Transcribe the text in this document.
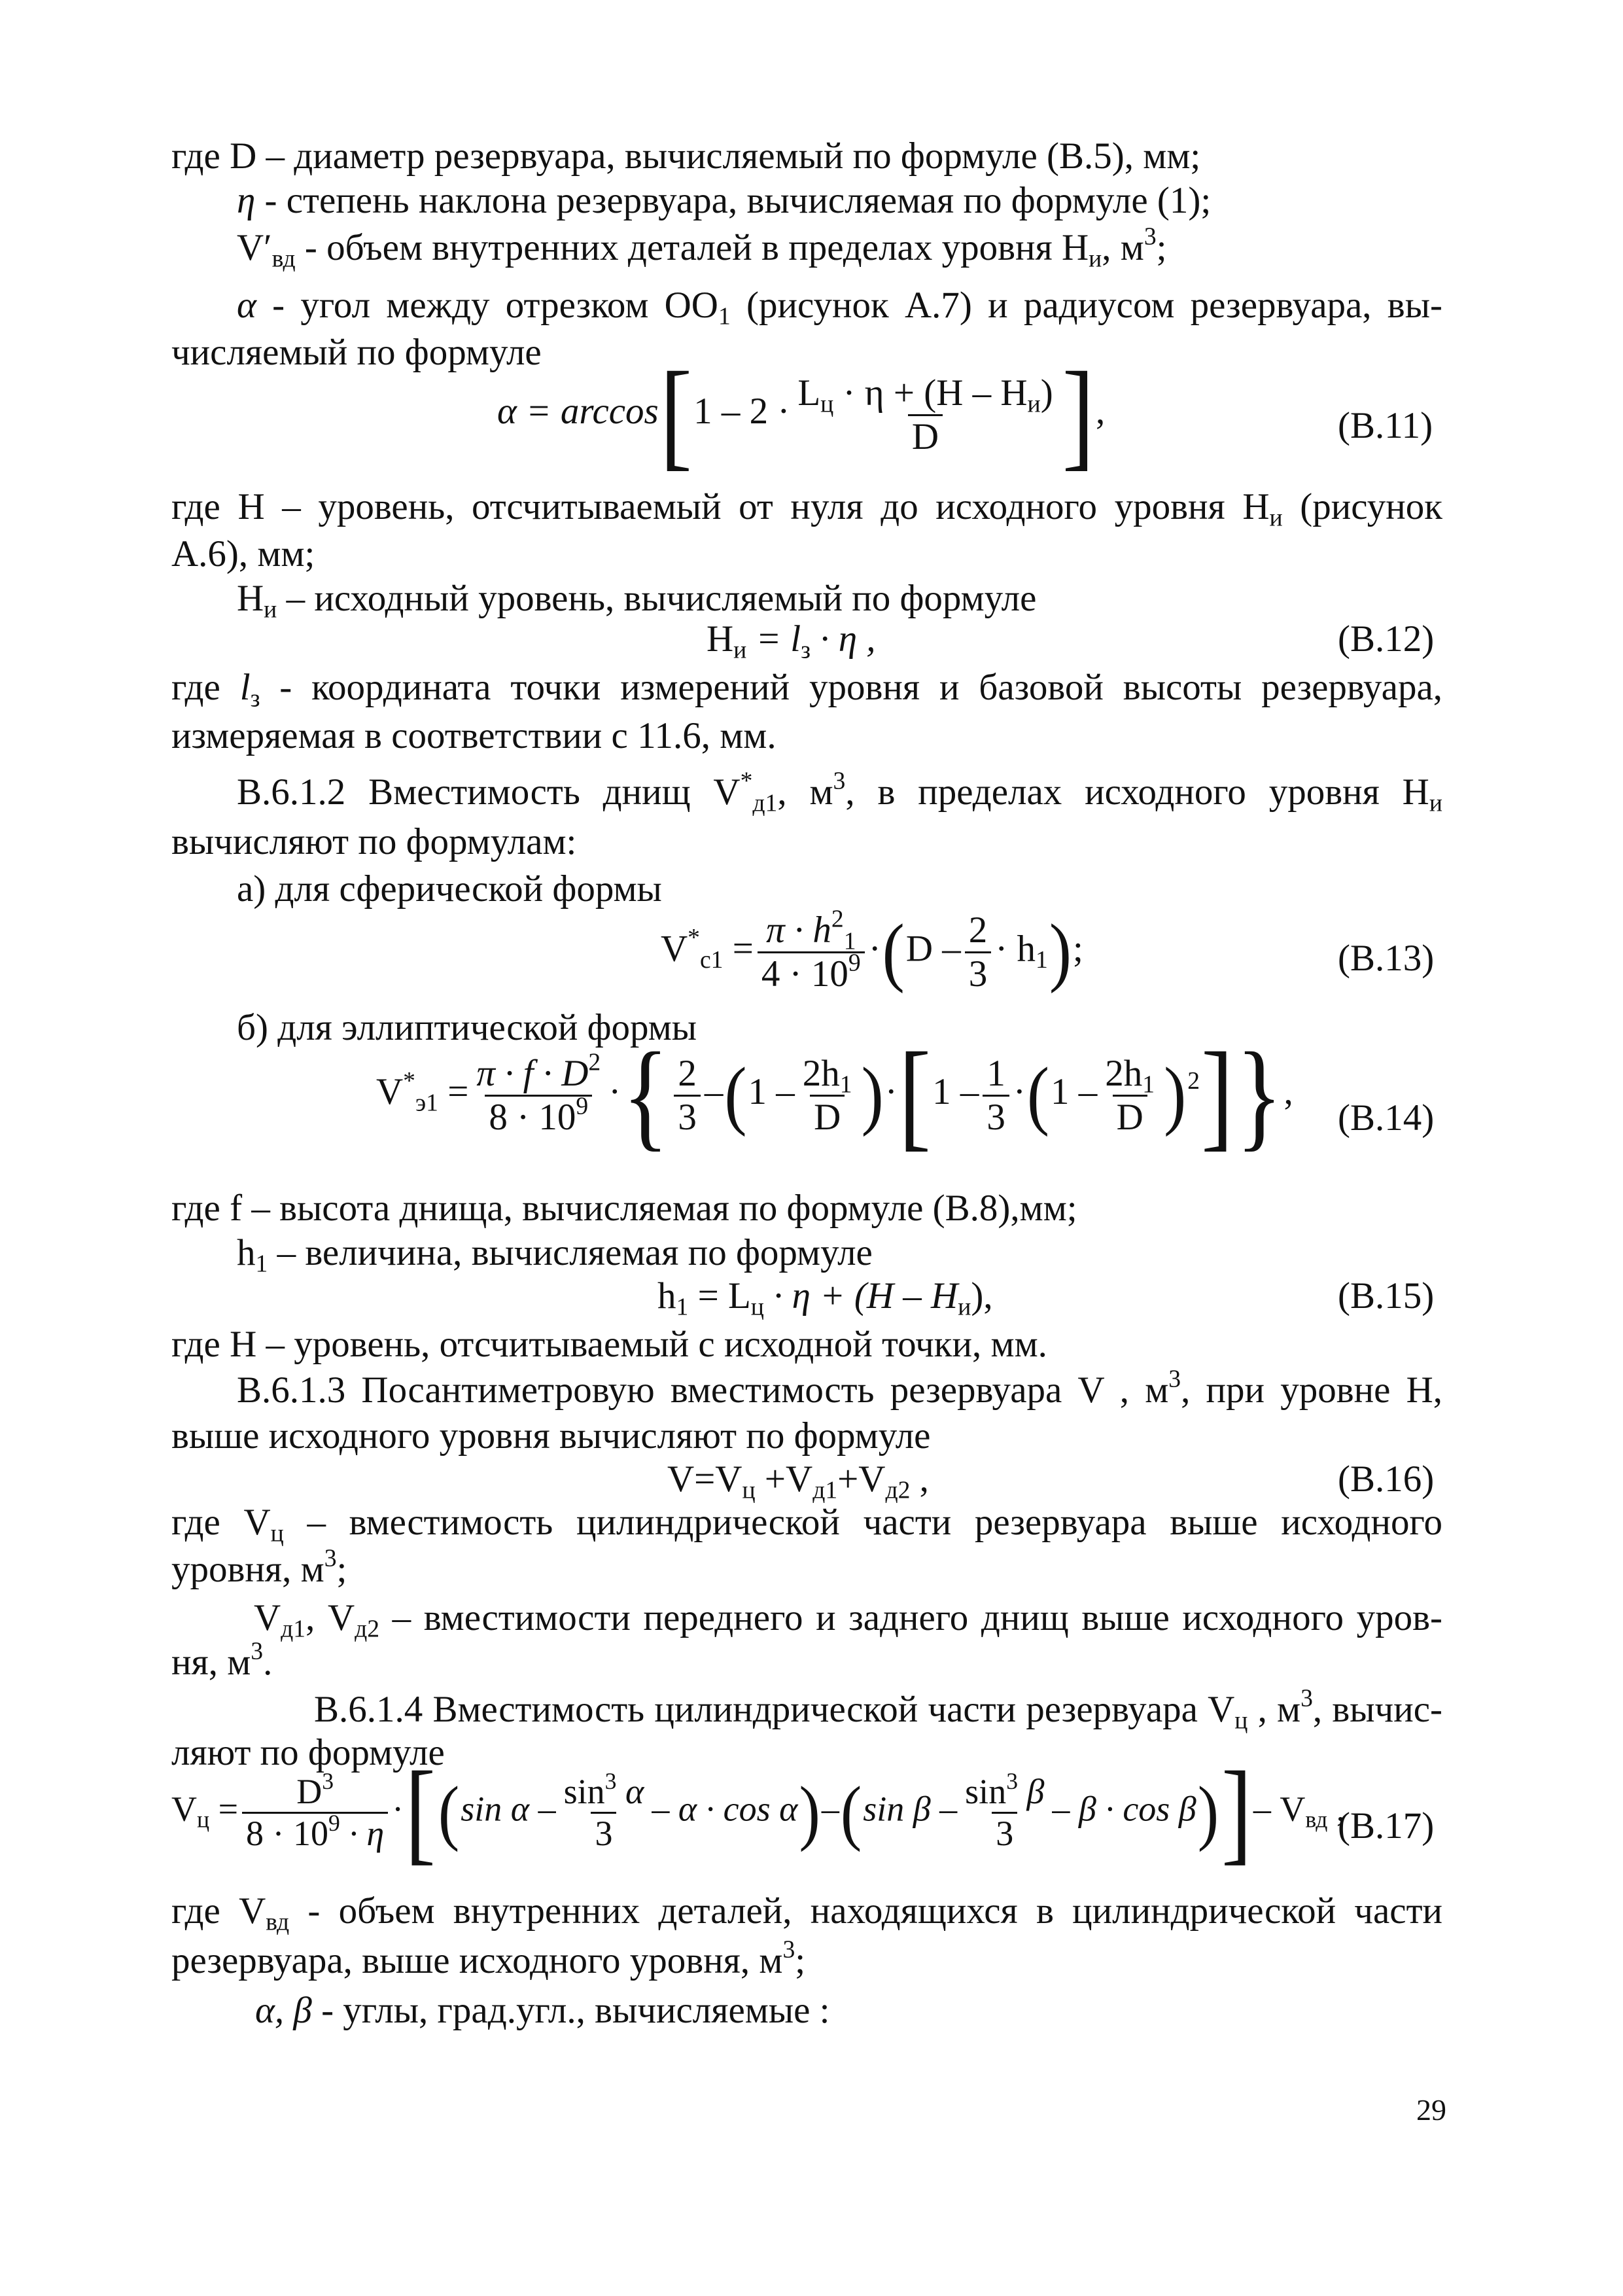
где D – диаметр резервуара, вычисляемый по формуле (В.5), мм;
η - степень наклона резервуара, вычисляемая по формуле (1);
$V'_{вд}$ - объем внутренних деталей в пределах уровня $Н_и$, $м^3$;
α - угол между отрезком $ОО_1$ (рисунок А.7) и радиусом резервуара, вы-
числяемый по формуле
$\alpha = \arccos[1 - 2 \cdot \frac{L_ц \cdot \eta + (H - H_и)}{D}$ ],	(В.11)
где Н – уровень, отсчитываемый от нуля до исходного уровня $Н_и$ (рисунок
А.6), мм;
$Н_и$ – исходный уровень, вычисляемый по формуле
$H_и = l_з \cdot \eta$ ,	(В.12)
где $l_з$ - координата точки измерений уровня и базовой высоты резервуара,
измеряемая в соответствии с 11.6, мм.
В.6.1.2 Вместимость днищ $V^*_{д1}$, $м^3$, в пределах исходного уровня $Н_и$
вычисляют по формулам:
а) для сферической формы
$V^*_{c1} = \frac{\pi \cdot h^2_1}{4 \cdot 10^9} \cdot(D - \frac{2}{3} \cdot h_1)$;	(В.13)
б) для эллиптической формы
$V^*_{э1} = \frac{\pi \cdot f \cdot D^2}{8 \cdot 10^9}$ ·{ $\frac{2}{3} -(1 - \frac{2h_1}{D} )\cdot[1 - \frac{1}{3} \cdot(1 - \frac{2h_1}{D} )^2]$},
(В.14)
где f – высота днища, вычисляемая по формуле (В.8),мм;
$h_1$ – величина, вычисляемая по формуле
$h_1 = L_ц \cdot \eta + (H - H_и)$,	(В.15)
где Н – уровень, отсчитываемый с исходной точки, мм.
В.6.1.3 Посантиметровую вместимость резервуара V , $м^3$, при уровне Н,
выше исходного уровня вычисляют по формуле
$V=V_ц +V_{д1}+V_{д2}$ ,	(В.16)
где $V_ц$ – вместимость цилиндрической части резервуара выше исходного
уровня, $м^3$;
$V_{д1}$, $V_{д2}$ – вместимости переднего и заднего днищ выше исходного уров-
ня, $м^3$.
В.6.1.4 Вместимость цилиндрической части резервуара $V_ц$ , $м^3$, вычис-
ляют по формуле
$V_ц = \frac{D^3}{8 \cdot 10^9 \cdot \eta} \cdot[(\sin$ $\alpha - \frac{\sin^3 \alpha}{3} - \alpha \cdot \cos \alpha)-(\sin$ $\beta - \frac{\sin^3 \beta}{3} - \beta \cdot \cos \beta)]-$ $V_{вд}$ ,
(В.17)
где $V_{вд}$ - объем внутренних деталей, находящихся в цилиндрической части
резервуара, выше исходного уровня, $м^3$;
α, β - углы, град.угл., вычисляемые :
29
